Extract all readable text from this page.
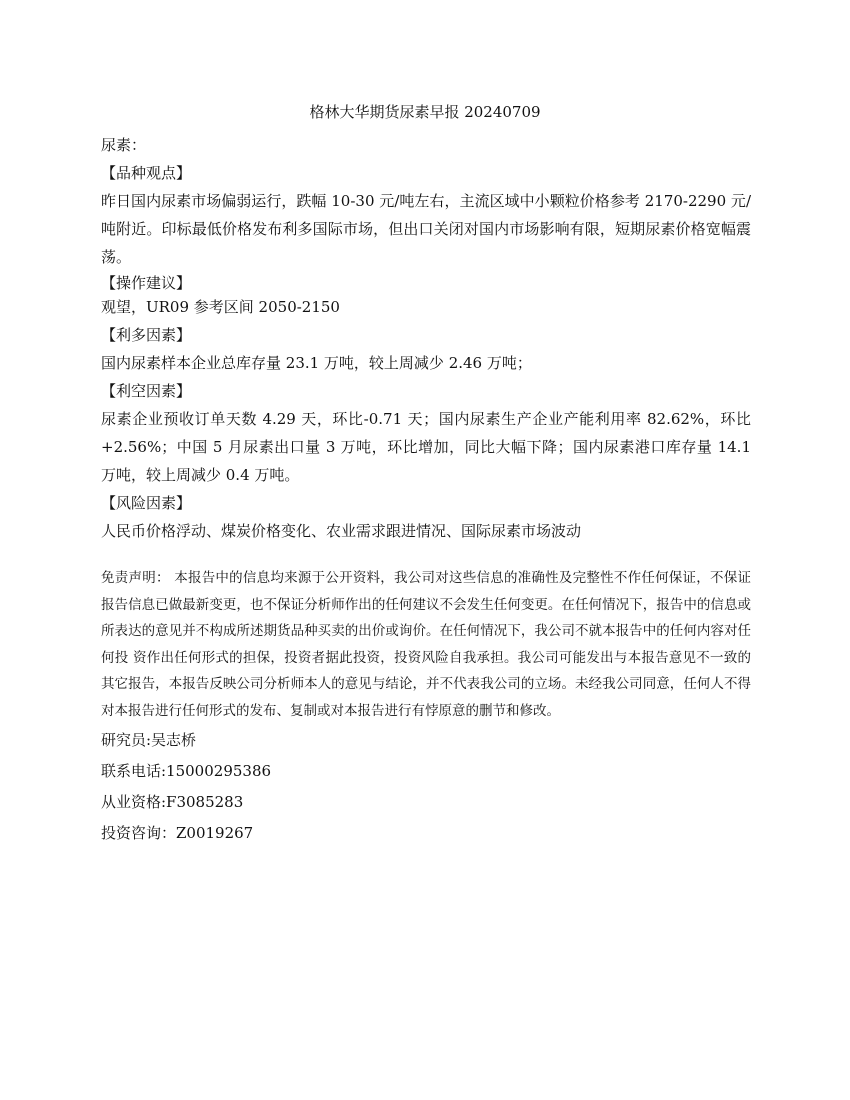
格林大华期货尿素早报 20240709

尿素：

【品种观点】

昨日国内尿素市场偏弱运行，跌幅 10-30 元/吨左右，主流区域中小颗粒价格参考 2170-2290 元/吨附近。印标最低价格发布利多国际市场，但出口关闭对国内市场影响有限，短期尿素价格宽幅震荡。

【操作建议】

观望，UR09 参考区间 2050-2150

【利多因素】

国内尿素样本企业总库存量 23.1 万吨，较上周减少 2.46 万吨；

【利空因素】

尿素企业预收订单天数 4.29 天，环比-0.71 天；国内尿素生产企业产能利用率 82.62%，环比+2.56%；中国 5 月尿素出口量 3 万吨，环比增加，同比大幅下降；国内尿素港口库存量 14.1 万吨，较上周减少 0.4 万吨。

【风险因素】

人民币价格浮动、煤炭价格变化、农业需求跟进情况、国际尿素市场波动

免责声明： 本报告中的信息均来源于公开资料，我公司对这些信息的准确性及完整性不作任何保证，不保证报告信息已做最新变更，也不保证分析师作出的任何建议不会发生任何变更。在任何情况下，报告中的信息或所表达的意见并不构成所述期货品种买卖的出价或询价。在任何情况下，我公司不就本报告中的任何内容对任何投 资作出任何形式的担保，投资者据此投资，投资风险自我承担。我公司可能发出与本报告意见不一致的其它报告，本报告反映公司分析师本人的意见与结论，并不代表我公司的立场。未经我公司同意，任何人不得对本报告进行任何形式的发布、复制或对本报告进行有悖原意的删节和修改。

研究员:吴志桥

联系电话:15000295386

从业资格:F3085283

投资咨询：Z0019267
